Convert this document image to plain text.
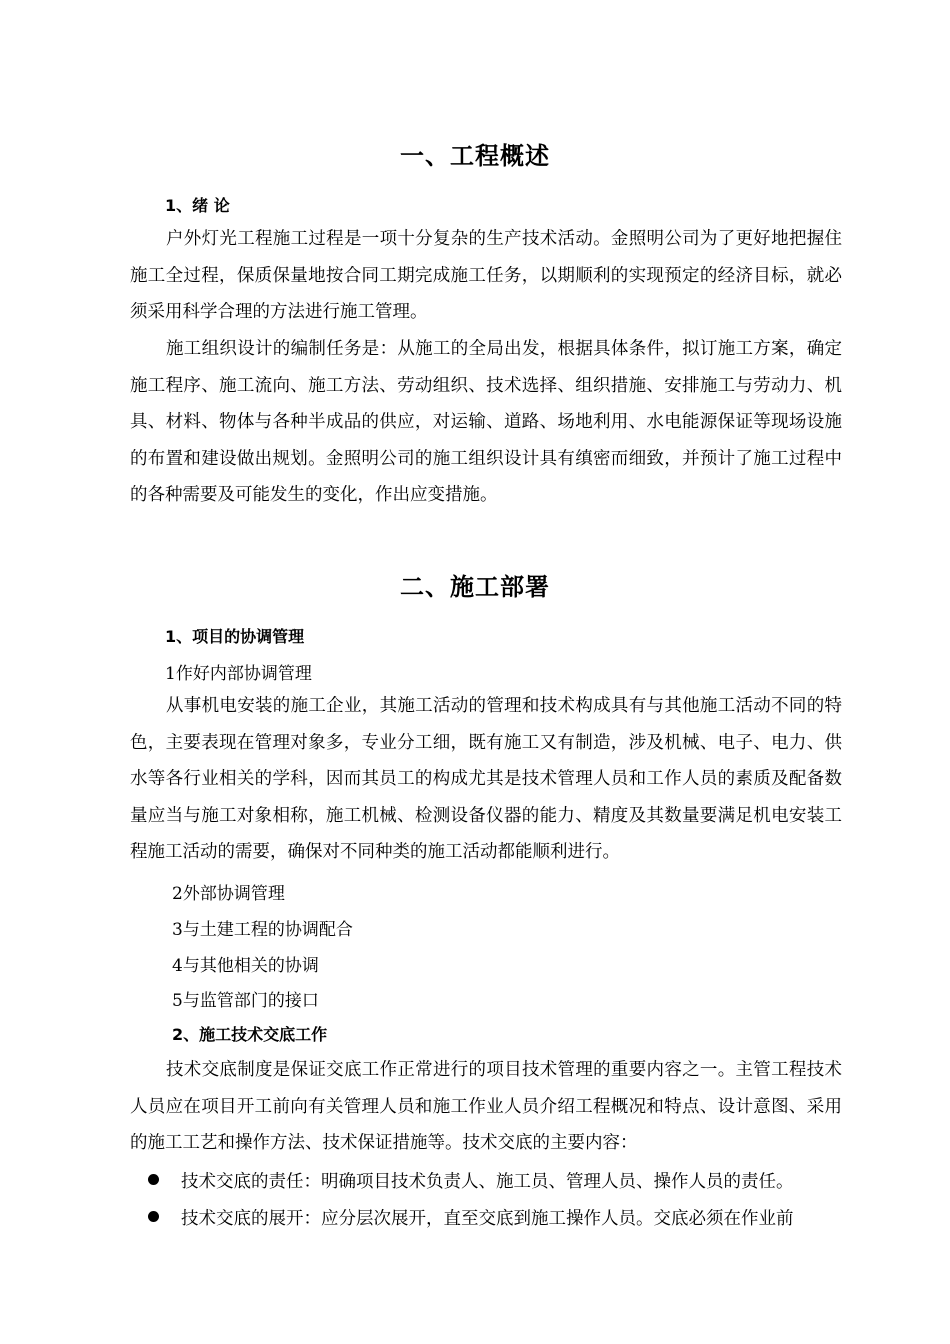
一、工程概述
1、绪 论
户外灯光工程施工过程是一项十分复杂的生产技术活动。金照明公司为了更好地把握住施工全过程，保质保量地按合同工期完成施工任务，以期顺利的实现预定的经济目标，就必须采用科学合理的方法进行施工管理。
施工组织设计的编制任务是：从施工的全局出发，根据具体条件，拟订施工方案，确定施工程序、施工流向、施工方法、劳动组织、技术选择、组织措施、安排施工与劳动力、机具、材料、物体与各种半成品的供应，对运输、道路、场地利用、水电能源保证等现场设施的布置和建设做出规划。金照明公司的施工组织设计具有缜密而细致，并预计了施工过程中的各种需要及可能发生的变化，作出应变措施。
二、施工部署
1、项目的协调管理
1作好内部协调管理
从事机电安装的施工企业，其施工活动的管理和技术构成具有与其他施工活动不同的特色，主要表现在管理对象多，专业分工细，既有施工又有制造，涉及机械、电子、电力、供水等各行业相关的学科，因而其员工的构成尤其是技术管理人员和工作人员的素质及配备数量应当与施工对象相称，施工机械、检测设备仪器的能力、精度及其数量要满足机电安装工程施工活动的需要，确保对不同种类的施工活动都能顺利进行。
2外部协调管理
3与土建工程的协调配合
4与其他相关的协调
5与监管部门的接口
2、施工技术交底工作
技术交底制度是保证交底工作正常进行的项目技术管理的重要内容之一。主管工程技术人员应在项目开工前向有关管理人员和施工作业人员介绍工程概况和特点、设计意图、采用的施工工艺和操作方法、技术保证措施等。技术交底的主要内容：
技术交底的责任：明确项目技术负责人、施工员、管理人员、操作人员的责任。
技术交底的展开：应分层次展开，直至交底到施工操作人员。交底必须在作业前
